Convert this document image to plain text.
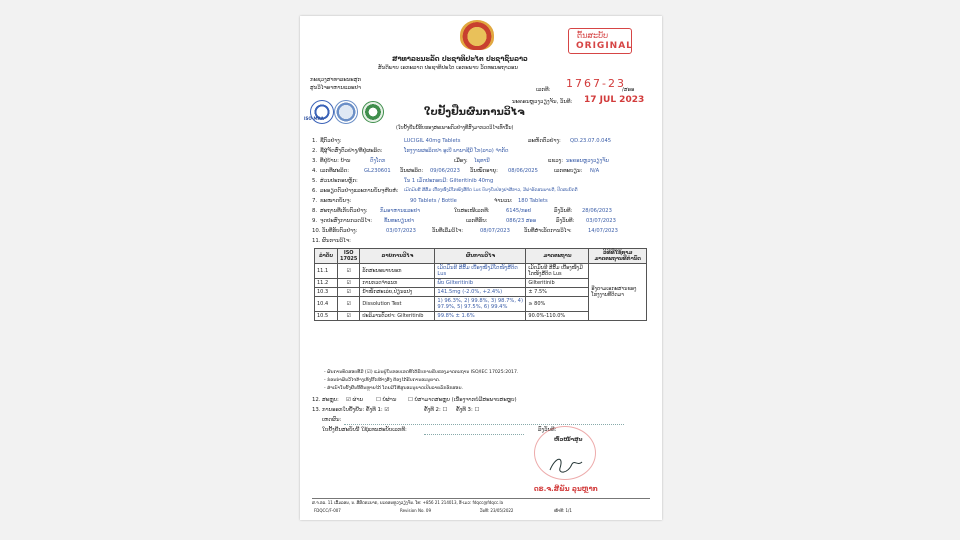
ຕົ້ນສະບັບ
ORIGINAL
ສາທາລະນະລັດ ປະຊາທິປະໄຕ ປະຊາຊົນລາວ
ສັນຕິພາບ ເອກະລາດ ປະຊາທິປະໄຕ ເອກະພາບ ວັດທະນະຖາວອນ
ກະຊວງສາທາລະນະສຸກ
ສູນວິໄຈອາຫານແລະຢາ	ເລກທີ: 1767-23
/ສອອ
ນະຄອນຫຼວງວຽງຈັນ, ວັນທີ: 17 JUL 2023
ISO-MRA
ໃບຢັ້ງຢືນຜົນການວິໄຈ
(ໃບຢັ້ງຢືນນີ້ຮັບຮອງສະເພາະຕົວຢ່າງທີ່ສົ່ງມາກວດວິໄຈເທົ່ານັ້ນ)
1. ຊື່ຕົວຢ່າງ:	LUCIGIL 40mg Tablets	ລະຫັດຕົວຢ່າງ: QD.23.07.0.045
2. ຊື່ຜູ້ຈັດສົ່ງຕົວຢ່າງ/ທີ່ຢູ່ຜະລິດ:	ໂຮງງານຜະລິດຢາ ອູເບີ ພານາຊີນີ ໂກ(ລາວ) ຈຳກັດ
3. ທີ່ຢູ່ບ້ານ: ບ້ານ	ດົງໂດກ	ເມືອງ: ໄຊທານີ	ແຂວງ: ນະຄອນຫຼວງວຽງຈັນ
4. ເລກທີ່ຜະລິດ:	GL230601 ວັນຜະລິດ: 09/06/2023 ວັນໝົດອາຍຸ: 08/06/2025	ເລກທະບຽນ: N/A
5. ສ່ວນປະກອບຫຼັກ:	ໃນ 1 ເມັດປະກອບມີ: Gilteritinib 40mg
6. ລະອຽດຕົວຢ່າງແລະການບັນຈຸຫີບຫໍ່: ເມັດມົນຮີ ສີສົ້ມ ເບື້ອງໜຶ່ງມີໂຕໜັງສືຕິດ Lus ບັນຈຸໃນປ່ອງຢາສີຂາວ, ມີຝາອັດສະພາບດີ, ປິດສະນິດດີ
7. ຂະໜາດບັນຈຸ:	90 Tablets / Bottle	ຈຳນວນ: 180 Tablets
8. ສະຖານທີ່ເກັບຕົວຢ່າງ: ກົມອາຫານແລະຢາ	ໃບສະເໜີເລກທີ:	6145/ກອຢ	ລົງວັນທີ: 28/06/2023
9. ຈຸດປະສົງການກວດວິໄຈ: ຂຶ້ນທະບຽນຢາ	ເລກທີ່ຮັບ:	086/23 ສອອ	ລົງວັນທີ: 03/07/2023
10. ວັນທີ່ຮັບຕົວຢ່າງ:	03/07/2023	ວັນທີ່ເລີ່ມວິໄຈ:	08/07/2023	ວັນທີ່ສຳເລັດການວິໄຈ:	14/07/2023
11. ຜົນການວິໄຈ:
ລຳດັບ	ISO 17025	ລາຍການວິໄຈ	ຜົນການວິໄຈ	ມາດຕະຖານ	ວິທີທີ່ໃຊ້ຕາມມາດຕະຖານທີ່ກຳນົດ
11.1	☑	ລັກສະນະພາຍນອກ	ເມັດມົນຮີ ສີສົ້ມ ເບື້ອງໜຶ່ງມີໂຕໜັງສືຕິດ Lus	ເມັດມົນຮີ ສີສົ້ມ ເບື້ອງໜຶ່ງມີໂຕໜັງສືຕິດ Lus	ອີງຕາມເອກະສານຂອງໂຮງງານທີ່ຕິດມາ
11.2	☑	ການກວດຈຳແນກ	ພົບ Gilteritinib	Gilteritinib	
10.3	☑	ນ້ຳໜັກສະເລ່ຍ,ປ່ຽນແປງ	141.5mg (-2.0%, +2.4%)	± 7.5%	
10.4	☑	Dissolution Test	1) 96.3%, 2) 99.8%, 3) 98.7%, 4) 97.9%, 5) 97.5%, 6) 99.4%	≥ 80%	
10.5	☑	ປະລິມານຕົວຢາ: Gilteritinib	99.8% ± 1.6%	90.0%-110.0%	
- ຜົນການທົດສອບທີ່ມີ (☑) ແມ່ນຢູ່ໃນຂອບເຂດທີ່ໄດ້ຮັບການຮັບຮອງມາດຕະຖານ ISO/IEC 17025:2017.
- ກ່ອນນຳຜົນວິໄຈຂ້າງເທິງນີ້ໄປອ້າງອີງ ຕ້ອງໄດ້ຮັບການອະນຸຍາດ.
- ສຳເນົາໃບຢັ້ງຢືນນີ້ຄືນຫຼາຍໄດ້ ໂດຍມີໃຫ້ສູນອະນຸຍາດເປັນລາຍລັກອັກສອນ.
12. ສະຫຼຸບ: ☑ ຜ່ານ ☐ ບໍ່ຜ່ານ ☐ ບໍ່ສາມາດສະຫຼຸບ (ເນື່ອງຈາກບໍ່ມີສະພາບສະຫຼຸບ)
13. ການອອກໃບຢັ້ງຢືນ: ຄັ້ງທີ 1: ☑	ຄັ້ງທີ 2: ☐ ຄັ້ງທີ 3: ☐
ເຫດຜົນ:
ໃບຢັ້ງຢືນສະບັບນີ້ ໃຊ້ແທນສະບັບເລກທີ:	ລົງວັນທີ:
ຫົວໜ້າສູນ
ດຣ.ຈ.ສີພັນ ລຸນຫຼາກ
ສ.ຈ.ຂລ. 11 ເລີ້ມລອນ, ນ. ສີສັດຕະນາກ, ນະຄອນຫຼວງວຽງຈັນ. ໂທ: +856 21 214013, ອີ-ເມວ: fdqcc@fdqcc.la
FDQCC/F-007	Revision No. 09	ວັນທີ: 23/05/2022	ໜ້າທີ: 1/1
